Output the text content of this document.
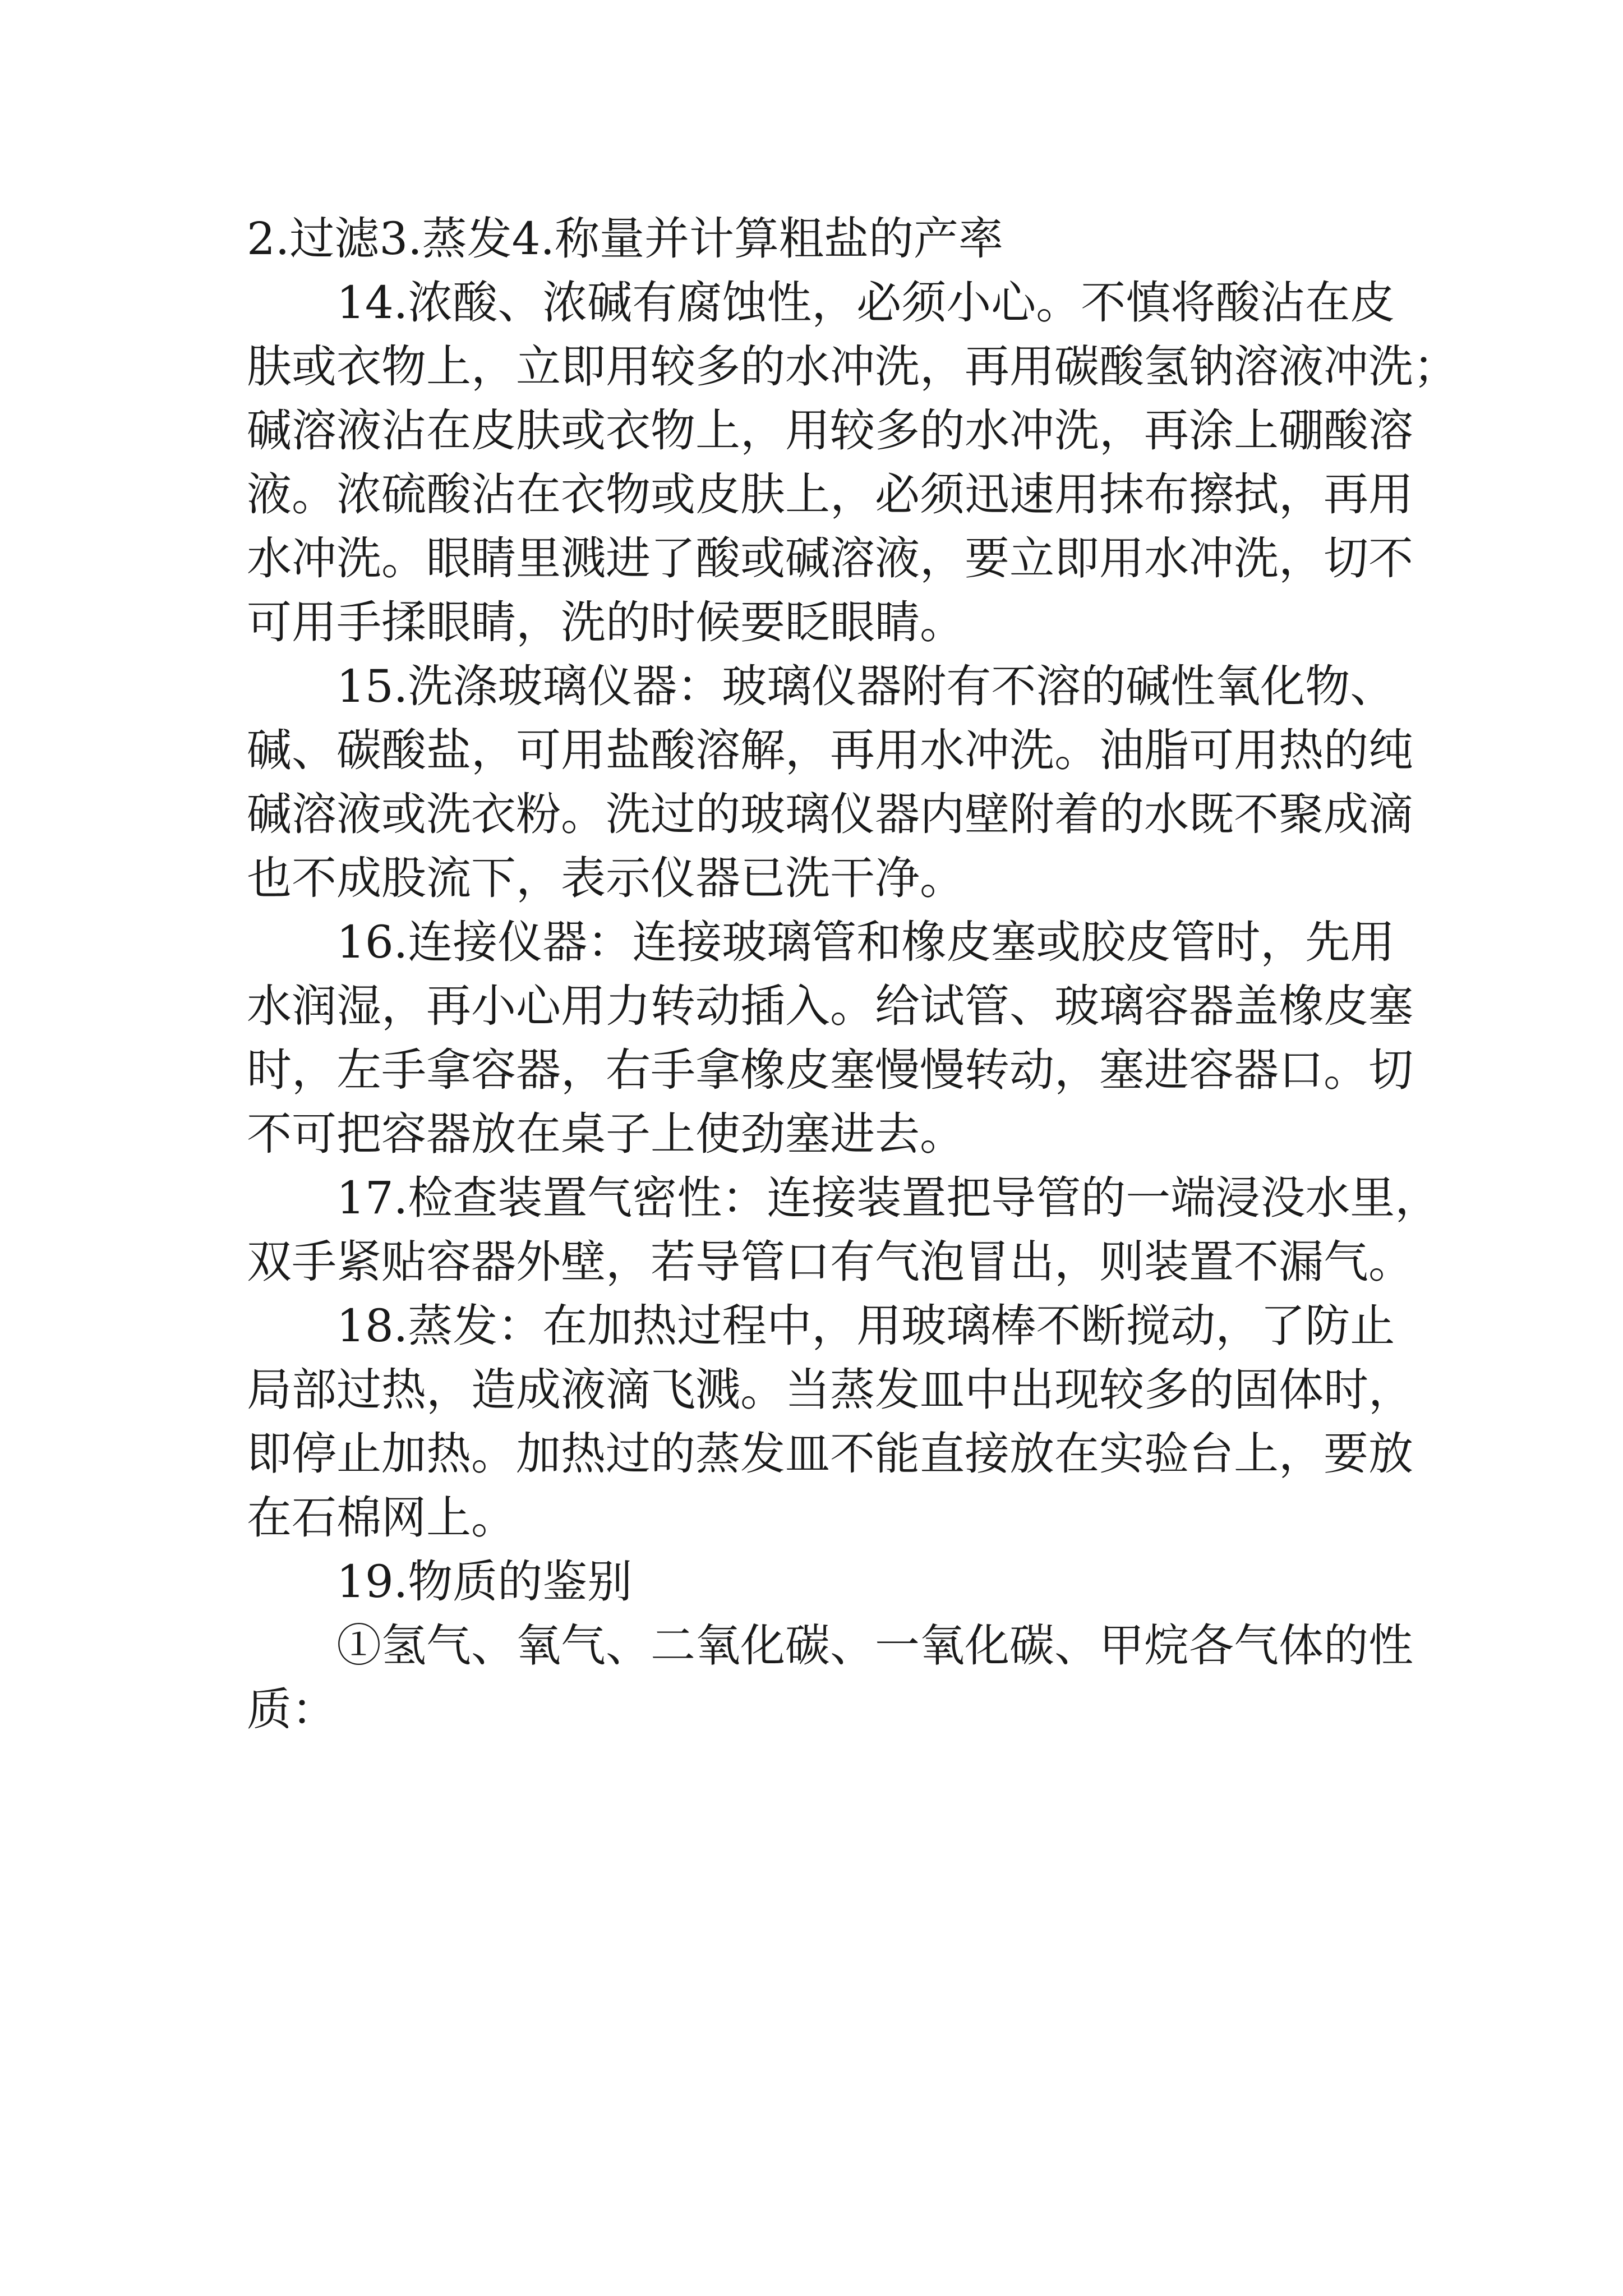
2.过滤3.蒸发4.称量并计算粗盐的产率
14.浓酸、浓碱有腐蚀性，必须小心。不慎将酸沾在皮
肤或衣物上，立即用较多的水冲洗，再用碳酸氢钠溶液冲洗；
碱溶液沾在皮肤或衣物上，用较多的水冲洗，再涂上硼酸溶
液。浓硫酸沾在衣物或皮肤上，必须迅速用抹布擦拭，再用
水冲洗。眼睛里溅进了酸或碱溶液，要立即用水冲洗，切不
可用手揉眼睛，洗的时候要眨眼睛。
15.洗涤玻璃仪器：玻璃仪器附有不溶的碱性氧化物、
碱、碳酸盐，可用盐酸溶解，再用水冲洗。油脂可用热的纯
碱溶液或洗衣粉。洗过的玻璃仪器内壁附着的水既不聚成滴
也不成股流下，表示仪器已洗干净。
16.连接仪器：连接玻璃管和橡皮塞或胶皮管时，先用
水润湿，再小心用力转动插入。给试管、玻璃容器盖橡皮塞
时，左手拿容器，右手拿橡皮塞慢慢转动，塞进容器口。切
不可把容器放在桌子上使劲塞进去。
17.检查装置气密性：连接装置把导管的一端浸没水里，
双手紧贴容器外壁，若导管口有气泡冒出，则装置不漏气。
18.蒸发：在加热过程中，用玻璃棒不断搅动，了防止
局部过热，造成液滴飞溅。当蒸发皿中出现较多的固体时，
即停止加热。加热过的蒸发皿不能直接放在实验台上，要放
在石棉网上。
19.物质的鉴别
①氢气、氧气、二氧化碳、一氧化碳、甲烷各气体的性
质：
